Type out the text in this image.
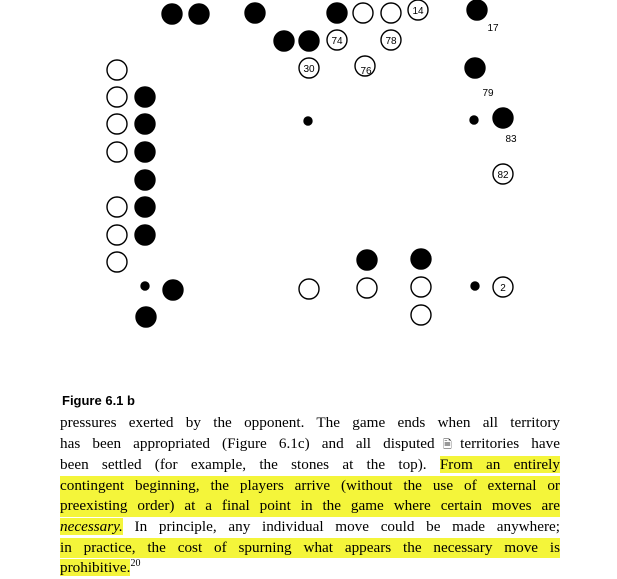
14
17
74	78
30	76
79
83
82
2
Figure 6.1 b
pressures exerted by the opponent. The game ends when all territory
has been appropriated (Figure 6.1c) and all disputed🗎territories have
been settled (for example, the stones at the top). From an entirely
contingent beginning, the players arrive (without the use of external or
preexisting order) at a final point in the game where certain moves are
necessary. In principle, any individual move could be made anywhere;
in practice, the cost of spurning what appears the necessary move is
prohibitive.$^{20}$
